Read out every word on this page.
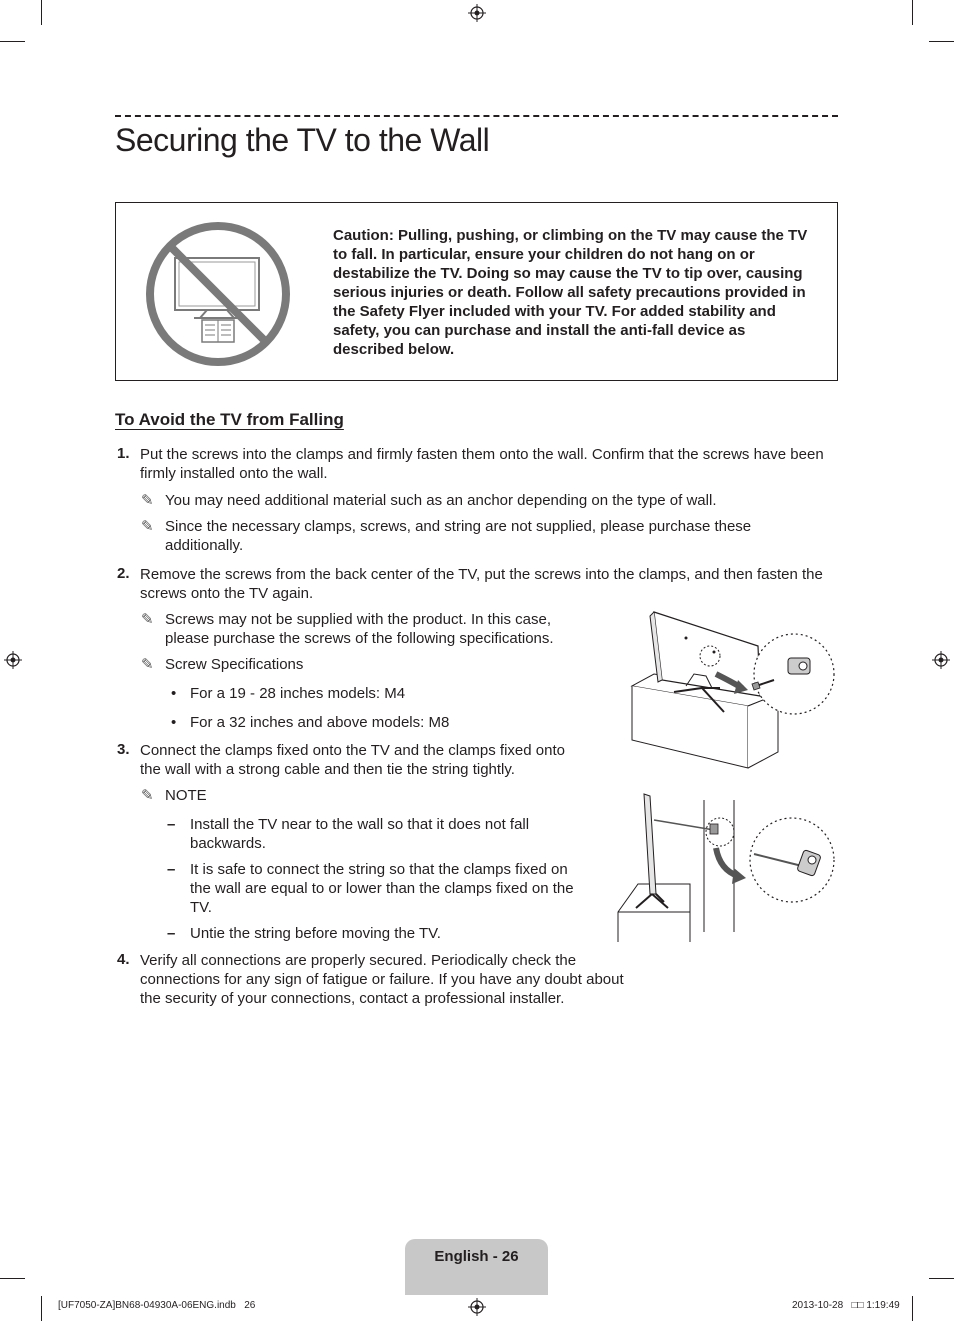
Securing the TV to the Wall

Caution: Pulling, pushing, or climbing on the TV may cause the TV to fall. In particular, ensure your children do not hang on or destabilize the TV. Doing so may cause the TV to tip over, causing serious injuries or death. Follow all safety precautions provided in the Safety Flyer included with your TV. For added stability and safety, you can purchase and install the anti-fall device as described below.

To Avoid the TV from Falling
1. Put the screws into the clamps and firmly fasten them onto the wall. Confirm that the screws have been firmly installed onto the wall.
✎ You may need additional material such as an anchor depending on the type of wall.
✎ Since the necessary clamps, screws, and string are not supplied, please purchase these additionally.
2. Remove the screws from the back center of the TV, put the screws into the clamps, and then fasten the screws onto the TV again.
✎ Screws may not be supplied with the product. In this case, please purchase the screws of the following specifications.
✎ Screw Specifications
• For a 19 - 28 inches models: M4
• For a 32 inches and above models: M8
3. Connect the clamps fixed onto the TV and the clamps fixed onto the wall with a strong cable and then tie the string tightly.
✎ NOTE
– Install the TV near to the wall so that it does not fall backwards.
– It is safe to connect the string so that the clamps fixed on the wall are equal to or lower than the clamps fixed on the TV.
– Untie the string before moving the TV.
4. Verify all connections are properly secured. Periodically check the connections for any sign of fatigue or failure. If you have any doubt about the security of your connections, contact a professional installer.
English - 26
[UF7050-ZA]BN68-04930A-06ENG.indb   26	2013-10-28   □□ 1:19:49
